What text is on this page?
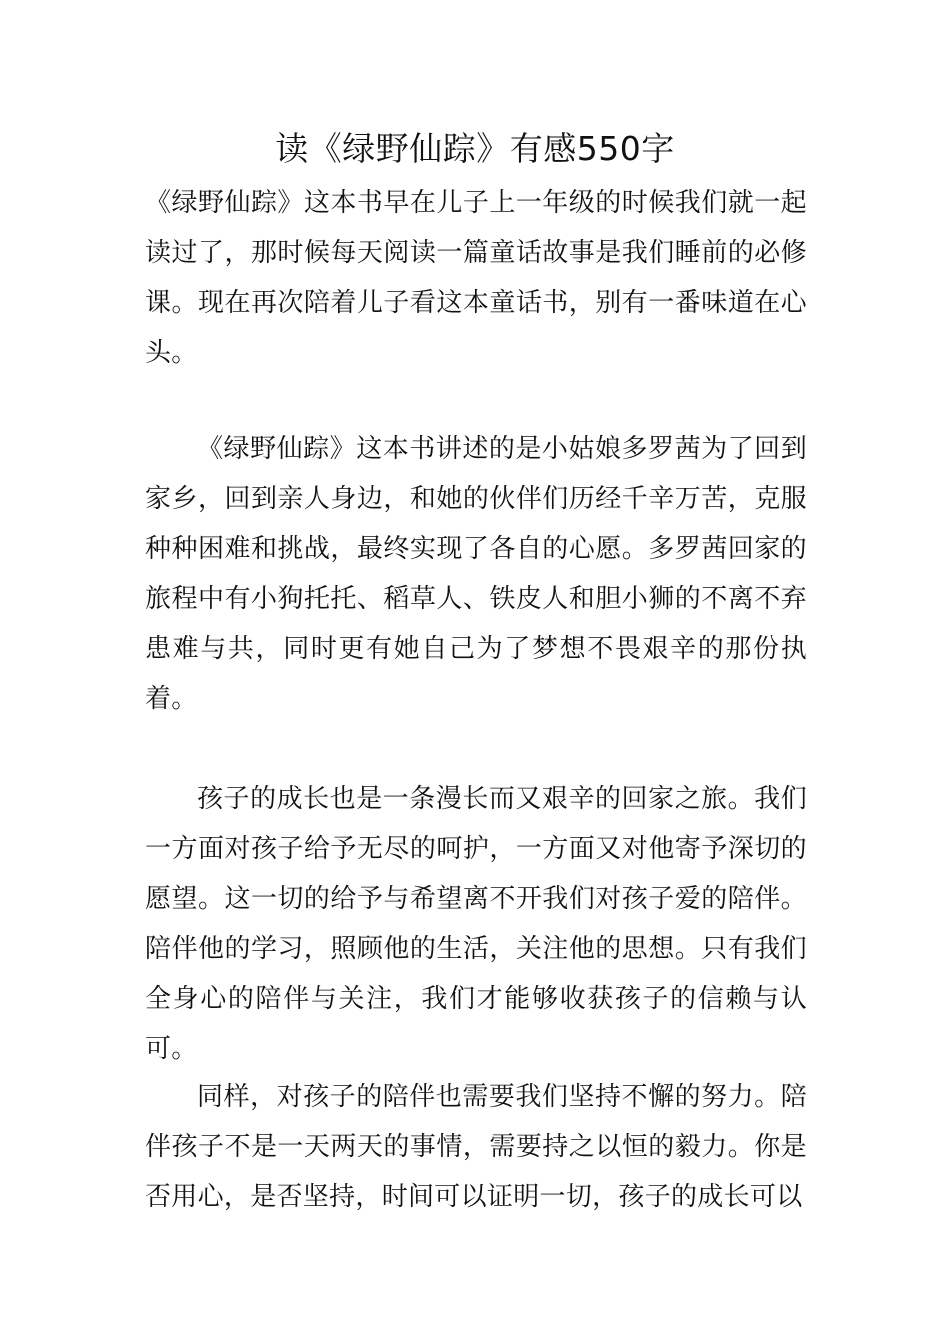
读《绿野仙踪》有感550字

《绿野仙踪》这本书早在儿子上一年级的时候我们就一起读过了，那时候每天阅读一篇童话故事是我们睡前的必修课。现在再次陪着儿子看这本童话书，别有一番味道在心头。

《绿野仙踪》这本书讲述的是小姑娘多罗茜为了回到家乡，回到亲人身边，和她的伙伴们历经千辛万苦，克服种种困难和挑战，最终实现了各自的心愿。多罗茜回家的旅程中有小狗托托、稻草人、铁皮人和胆小狮的不离不弃患难与共，同时更有她自己为了梦想不畏艰辛的那份执着。

孩子的成长也是一条漫长而又艰辛的回家之旅。我们一方面对孩子给予无尽的呵护，一方面又对他寄予深切的愿望。这一切的给予与希望离不开我们对孩子爱的陪伴。陪伴他的学习，照顾他的生活，关注他的思想。只有我们全身心的陪伴与关注，我们才能够收获孩子的信赖与认可。

同样，对孩子的陪伴也需要我们坚持不懈的努力。陪伴孩子不是一天两天的事情，需要持之以恒的毅力。你是否用心，是否坚持，时间可以证明一切，孩子的成长可以
